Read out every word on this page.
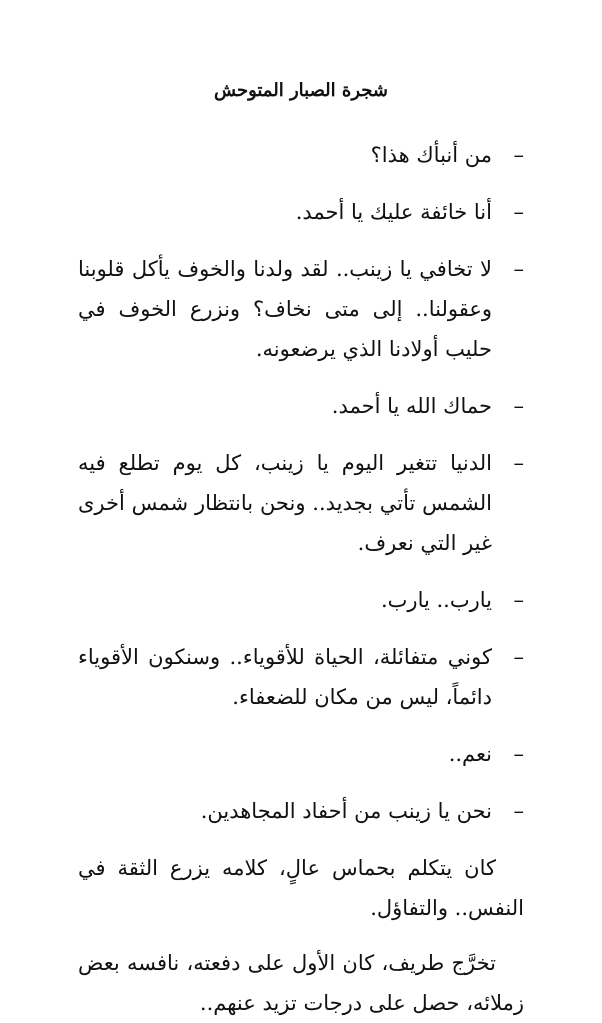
شجرة الصبار المتوحش
–
من أنبأك هذا؟
–
أنا خائفة عليك يا أحمد.
–
لا تخافي يا زينب.. لقد ولدنا والخوف يأكل قلوبنا وعقولنا.. إلى متى نخاف؟ ونزرع الخوف في حليب أولادنا الذي يرضعونه.
–
حماك الله يا أحمد.
–
الدنيا تتغير اليوم يا زينب، كل يوم تطلع فيه الشمس تأتي بجديد.. ونحن بانتظار شمس أخرى غير التي نعرف.
–
يارب.. يارب.
–
كوني متفائلة، الحياة للأقوياء.. وسنكون الأقوياء دائماً، ليس من مكان للضعفاء.
–
نعم..
–
نحن يا زينب من أحفاد المجاهدين.

كان يتكلم بحماس عالٍ، كلامه يزرع الثقة في النفس.. والتفاؤل.

تخرَّج طريف، كان الأول على دفعته، نافسه بعض زملائه، حصل على درجات تزيد عنهم..
